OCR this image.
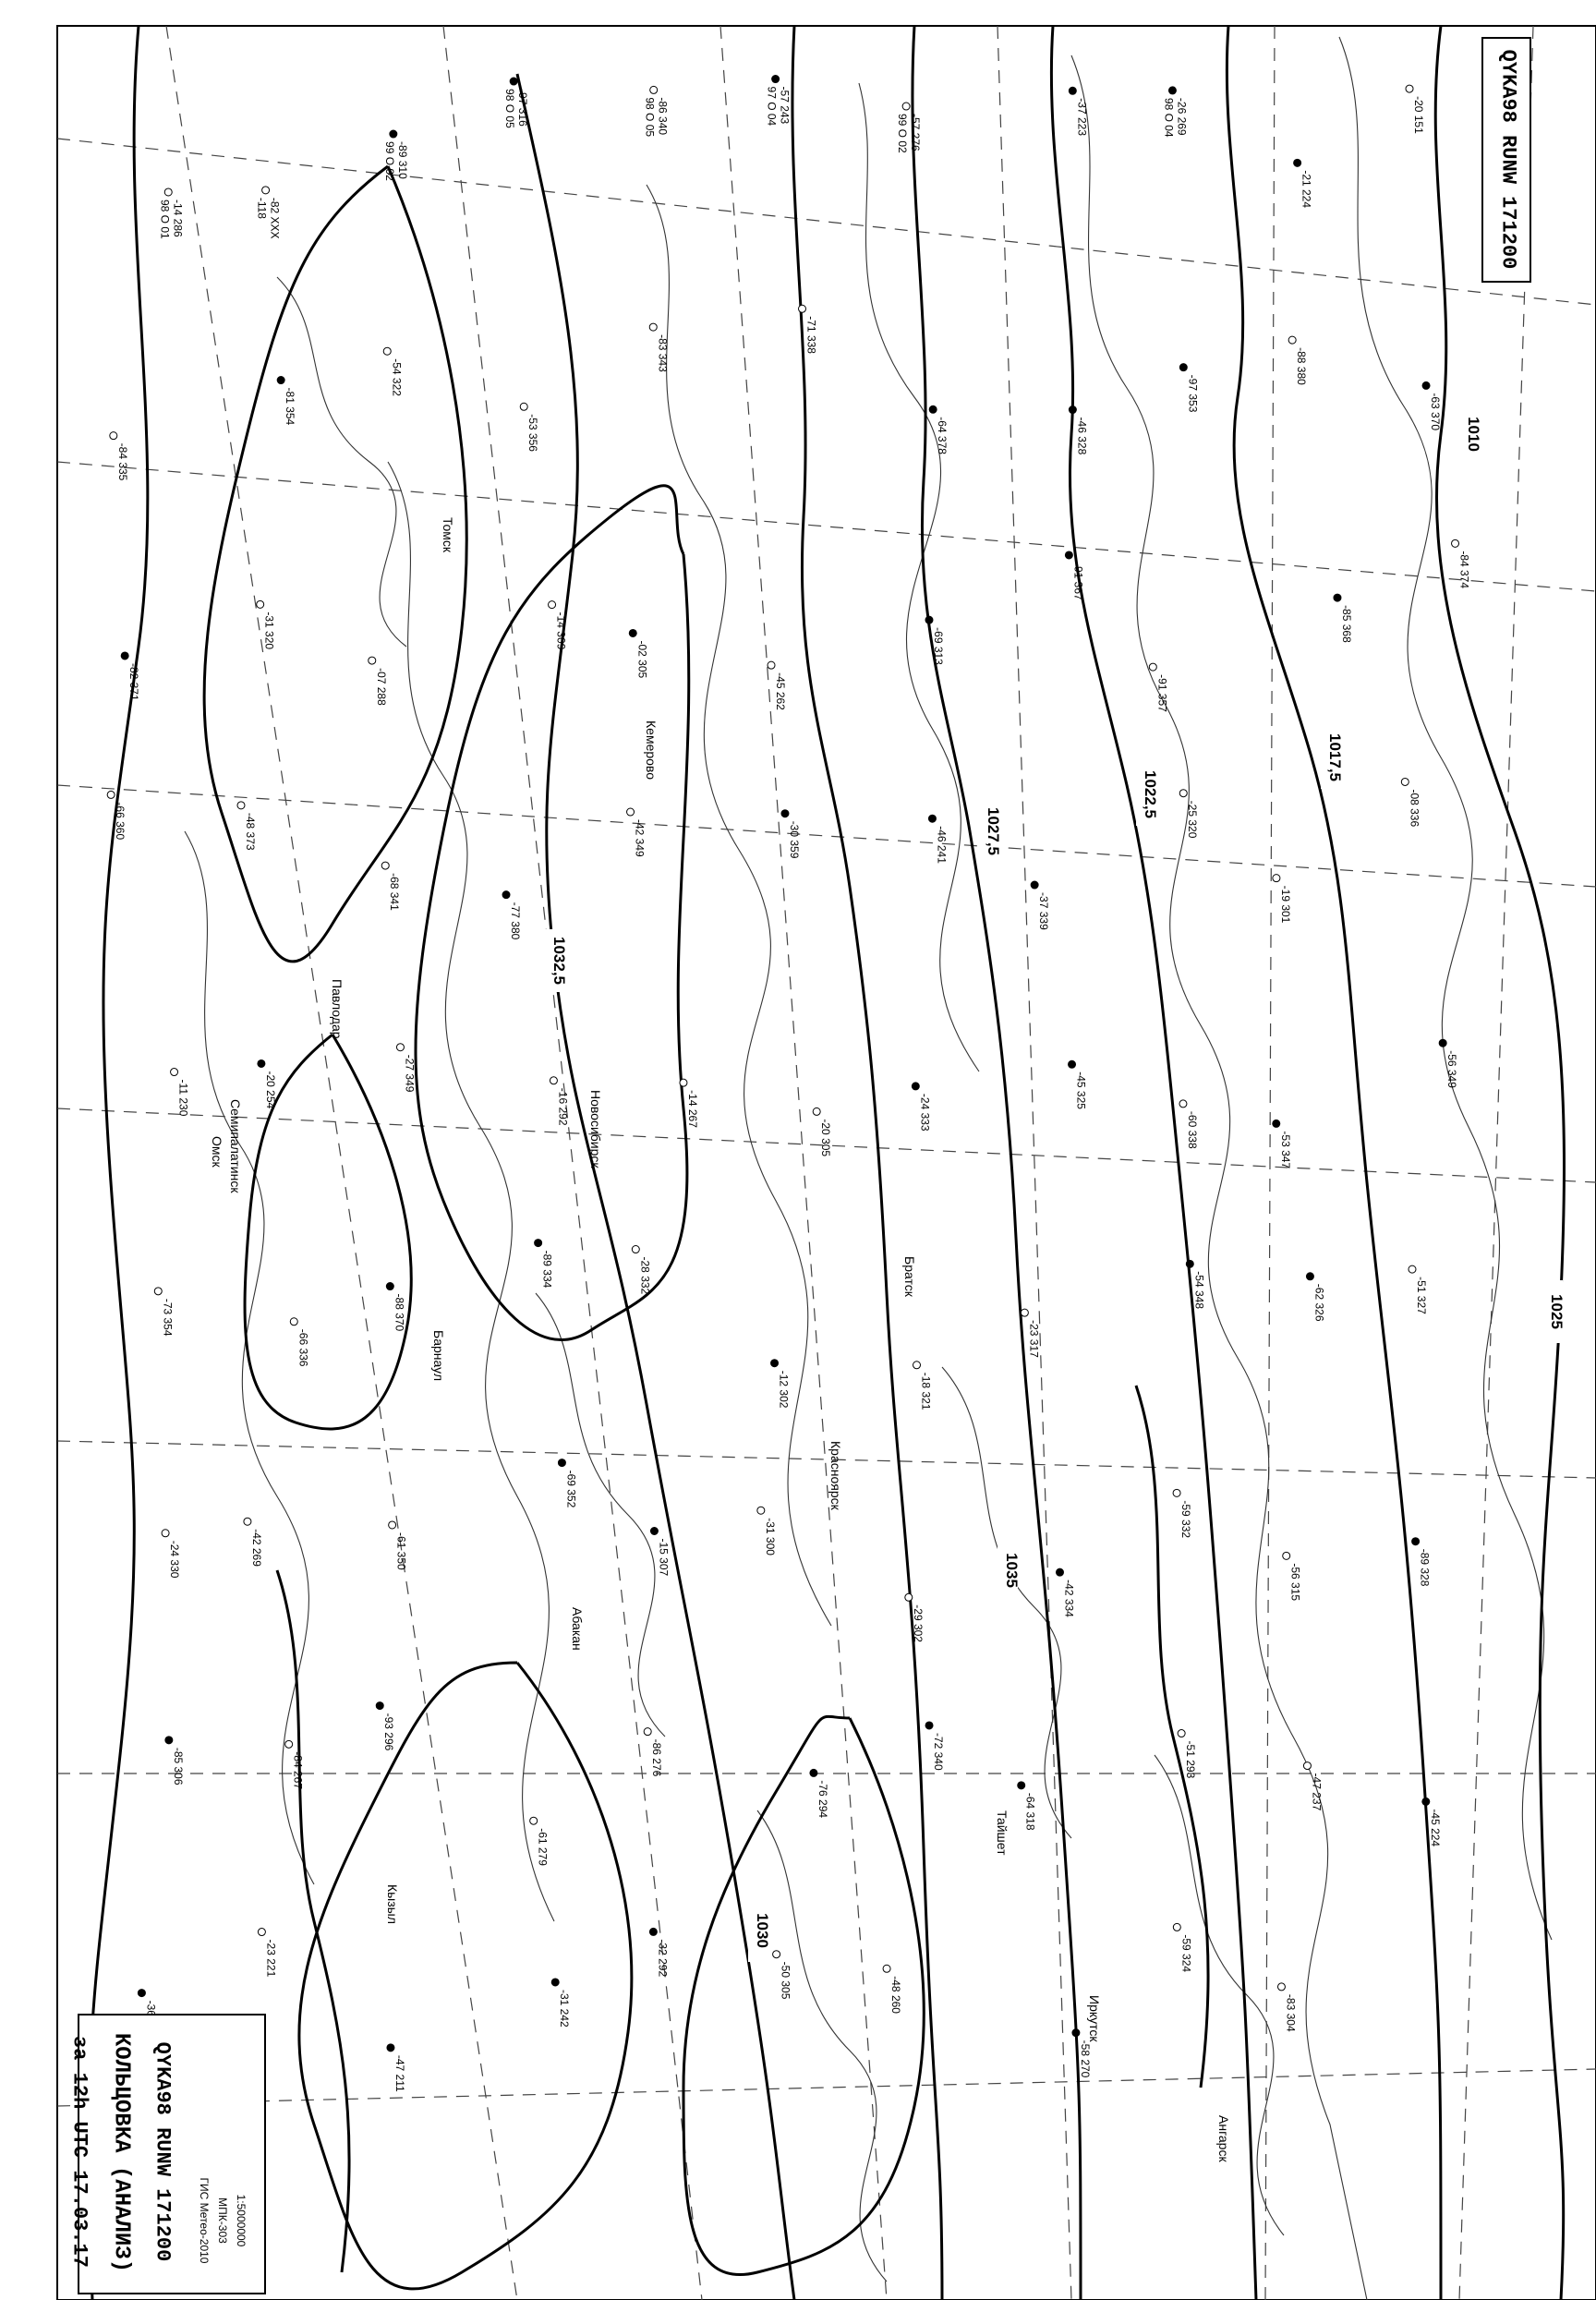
1010
1017,5
1022,5
1025
1027,5
1030
1032,5
1035
Томск
Новосибирск
Барнаул
Омск
Кемерово
Иркутск
Красноярск
Павлодар
Семипалатинск
Абакан
Кызыл
Тайшет
Ангарск
Братск
-14 286
98 О 01	-82 ХХХ
-118
-89 310
99 О 02
-97 316
98 О 05	-86 340
98 О 05	-57 243
97 О 04
-57 276
99 О 02	-37 223	-26 269
98 О 04
-21 224
-20 151
-84 335
-81 354
-54 322
-53 356
-83 343	-71 338
-64 378	-46 328
-97 353
-88 380
-63 370
-82 371
-31 320
-07 288
-14 309
-02 305
-45 262
-69 313
-91 367
-91 357
-85 368
-84 374
-66 360	-48 373
-68 341
-77 380
-42 349	-30 359	-46 241
-37 339
-25 320
-19 301
-08 336
-11 230	-20 254	-27 349
-16 292	-14 267
-20 305
-24 333
-45 325
-60 338
-53 347
-56 349
-73 354
-66 336
-88 370
-89 334	-28 332
-12 302	-18 321
-23 317
-54 348	-62 326	-51 327
-24 330	-42 269	-61 350
-69 352
-15 307
-31 300
-29 302
-42 334
-59 332
-56 315	-89 328
-85 306	-84 267
-93 296
-61 279
-86 276
-76 294
-72 340
-64 318
-51 293
-47 237
-45 224
-23 221
-47 211
-31 242
-32 292
-50 305	-48 260
-58 270
-59 324
-83 304
QYKA98 RUNW 171200
QYKA98 RUNW 171200
КОЛЬЦОВКА (АНАЛИЗ)
за 12h UTC 17.03.17	ГИС Метео-2010 МПК-303 1:5000000
